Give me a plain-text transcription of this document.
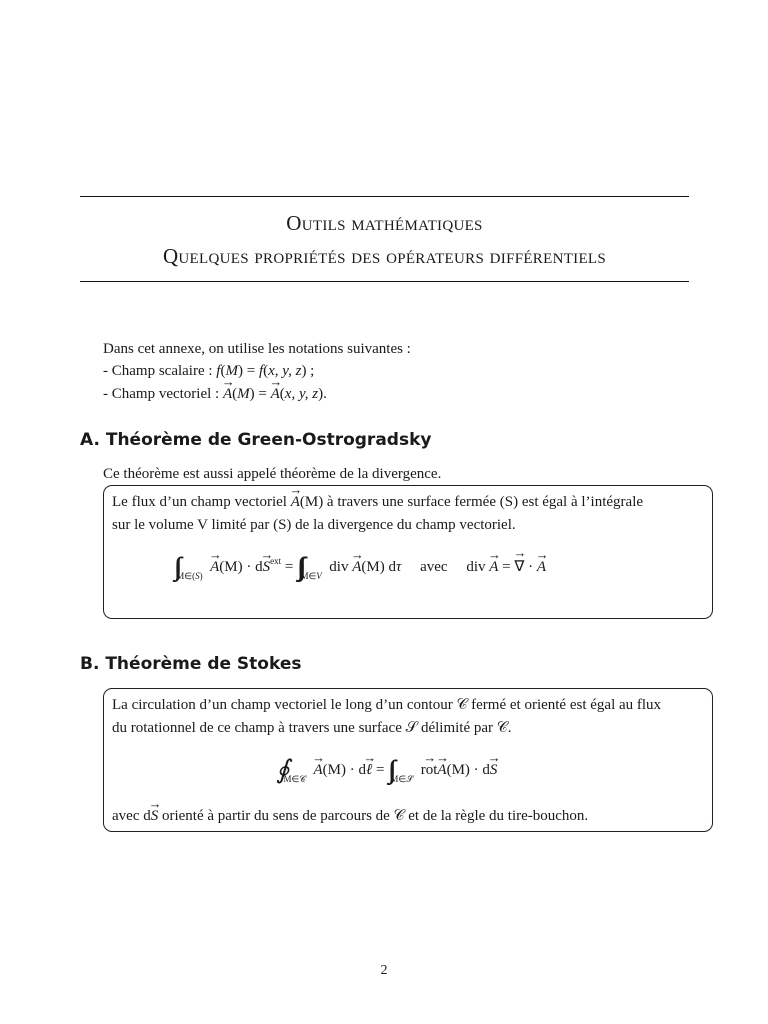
Outils mathématiques
Quelques propriétés des opérateurs différentiels
Dans cet annexe, on utilise les notations suivantes :
- Champ scalaire : f(M) = f(x, y, z) ;
- Champ vectoriel : → A(M) = → A(x, y, z).
A. Théorème de Green-Ostrogradsky
Ce théorème est aussi appelé théorème de la divergence.
Le flux d’un champ vectoriel → A(M) à travers une surface fermée (S) est égal à l’intégrale
sur le volume V limité par (S) de la divergence du champ vectoriel.
$\int\int_{M\in(S)} \to A(M) \cdot d\to S^{ext} = \int\int\int_{M\in V}$  div → A(M) dτ avec     div → A = → ∇ · → A
B. Théorème de Stokes
La circulation d’un champ vectoriel le long d’un contour 𝒞 fermé et orienté est égal au flux
du rotationnel de ce champ à travers une surface 𝒮 délimité par 𝒞.
$∮_{M\in 𝒞} \to A(M) \cdot d\to$ ℓ = $\int\int_{M\in 𝒮} \to rot\to A(M) \cdot d\to S$
avec d→ S orienté à partir du sens de parcours de 𝒞 et de la règle du tire-bouchon.
2
